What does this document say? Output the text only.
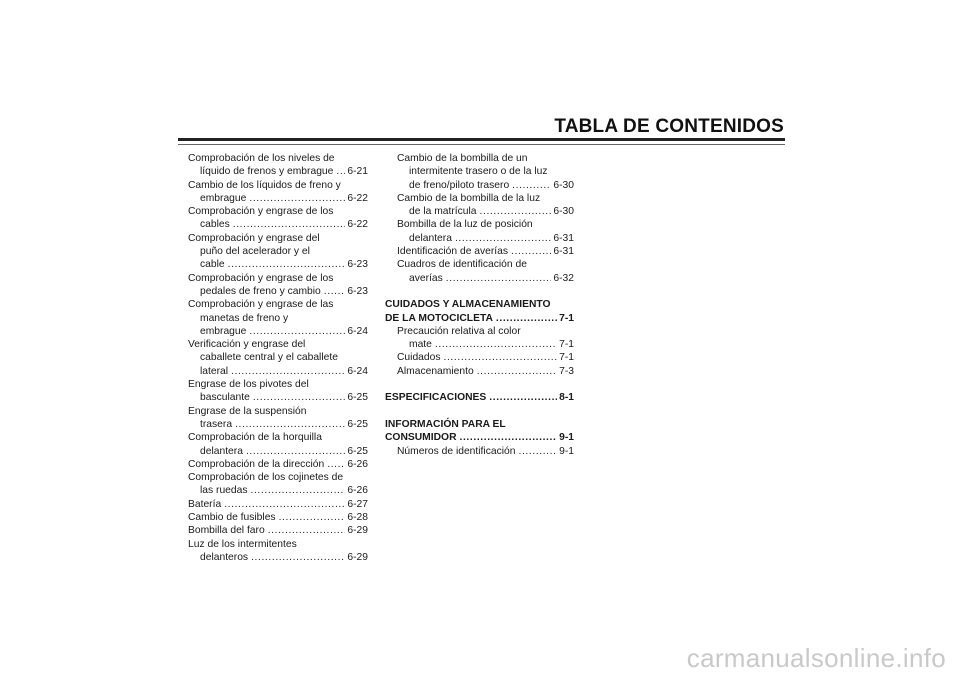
TABLA DE CONTENIDOS
Comprobación de los niveles de
líquido de frenos y embrague ..... 6-21
Cambio de los líquidos de freno y
embrague .....	6-22
Comprobación y engrase de los
cables .....	6-22
Comprobación y engrase del
puño del acelerador y el
cable .....	6-23
Comprobación y engrase de los
pedales de freno y cambio .....	6-23
Comprobación y engrase de las
manetas de freno y
embrague .....	6-24
Verificación y engrase del
caballete central y el caballete
lateral .....	6-24
Engrase de los pivotes del
basculante .....	6-25
Engrase de la suspensión
trasera .....	6-25
Comprobación de la horquilla
delantera .....	6-25
Comprobación de la dirección ..... 6-26
Comprobación de los cojinetes de
las ruedas .....	6-26
Batería .....	6-27
Cambio de fusibles .....	6-28
Bombilla del faro .....	6-29
Luz de los intermitentes
delanteros .....	6-29
Cambio de la bombilla de un
intermitente trasero o de la luz
de freno/piloto trasero .....	6-30
Cambio de la bombilla de la luz
de la matrícula .....	6-30
Bombilla de la luz de posición
delantera .....	6-31
Identificación de averías .....	6-31
Cuadros de identificación de
averías .....	6-32
CUIDADOS Y ALMACENAMIENTO
DE LA MOTOCICLETA .....	7-1
Precaución relativa al color
mate .....	7-1
Cuidados .....	7-1
Almacenamiento .....	7-3
ESPECIFICACIONES .....	8-1
INFORMACIÓN PARA EL
CONSUMIDOR .....	9-1
Números de identificación .....	9-1
carmanualsonline.info
